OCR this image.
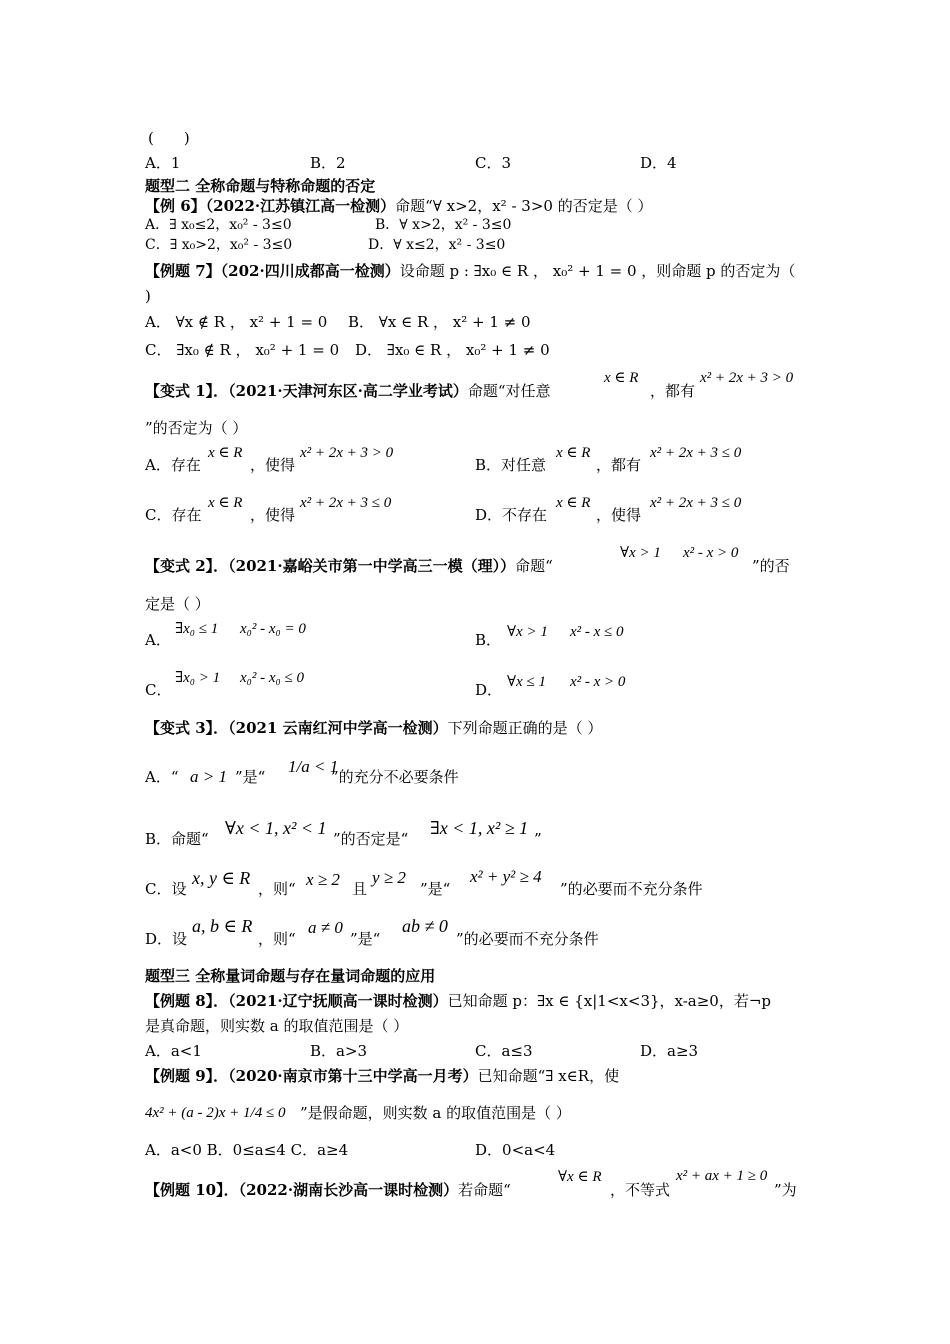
(　　)
A．1	B．2	C．3	D．4
题型二 全称命题与特称命题的否定
【例 6】（2022·江苏镇江高一检测）命题“∀ x>2，x² - 3>0 的否定是（ ）
A．∃ x₀≤2，x₀² - 3≤0	B．∀ x>2，x² - 3≤0
C．∃ x₀>2，x₀² - 3≤0	D．∀ x≤2，x² - 3≤0
【例题 7】（202·四川成都高一检测）设命题 p : ∃x₀ ∈ R ， x₀² + 1 = 0 ，则命题 p 的否定为（
)
A． ∀x ∉ R ， x² + 1 = 0 B． ∀x ∈ R ， x² + 1 ≠ 0
C． ∃x₀ ∉ R ， x₀² + 1 = 0 D． ∃x₀ ∈ R ， x₀² + 1 ≠ 0
【变式 1】．（2021·天津河东区·高二学业考试）命题“对任意
x ∈ R
，都有
x² + 2x + 3 > 0
”的否定为（ ）
A．存在
x ∈ R
，使得
x² + 2x + 3 > 0
B．对任意
x ∈ R
，都有
x² + 2x + 3 ≤ 0
C．存在
x ∈ R
，使得
x² + 2x + 3 ≤ 0
D．不存在
x ∈ R
，使得
x² + 2x + 3 ≤ 0
【变式 2】．（2021·嘉峪关市第一中学高三一模（理））命题“
∀x > 1 x² - x > 0
”的否
定是（ ）
A．
∃x₀ ≤ 1 x₀² - x₀ = 0
B． ∀x > 1 x² - x ≤ 0
C．
∃x₀ > 1 x₀² - x₀ ≤ 0
D． ∀x ≤ 1 x² - x > 0
【变式 3】．（2021 云南红河中学高一检测）下列命题正确的是（ ）
A．“ a > 1 ”是“
1/a < 1
”的充分不必要条件
B．命题“
∀x < 1, x² < 1
”的否定是“
∃x < 1, x² ≥ 1
”
C．设
x, y ∈ R
，则“ x ≥ 2 且
y ≥ 2
”是“
x² + y² ≥ 4
”的必要而不充分条件
D．设
a, b ∈ R
，则“
a ≠ 0
”是“
ab ≠ 0
”的必要而不充分条件
题型三 全称量词命题与存在量词命题的应用
【例题 8】．（2021·辽宁抚顺高一课时检测）已知命题 p：∃x ∈ {x|1<x<3}，x-a≥0，若¬p
是真命题，则实数 a 的取值范围是（ ）
A．a<1	B．a>3	C．a≤3	D．a≥3
【例题 9】．（2020·南京市第十三中学高一月考）已知命题“∃ x∈R，使
4x² + (a - 2)x + 1/4 ≤ 0 ”是假命题，则实数 a 的取值范围是（ ）
A．a<0 B．0≤a≤4 C．a≥4	D．0<a<4
【例题 10】．（2022·湖南长沙高一课时检测）若命题“
∀x ∈ R
，不等式
x² + ax + 1 ≥ 0
”为
